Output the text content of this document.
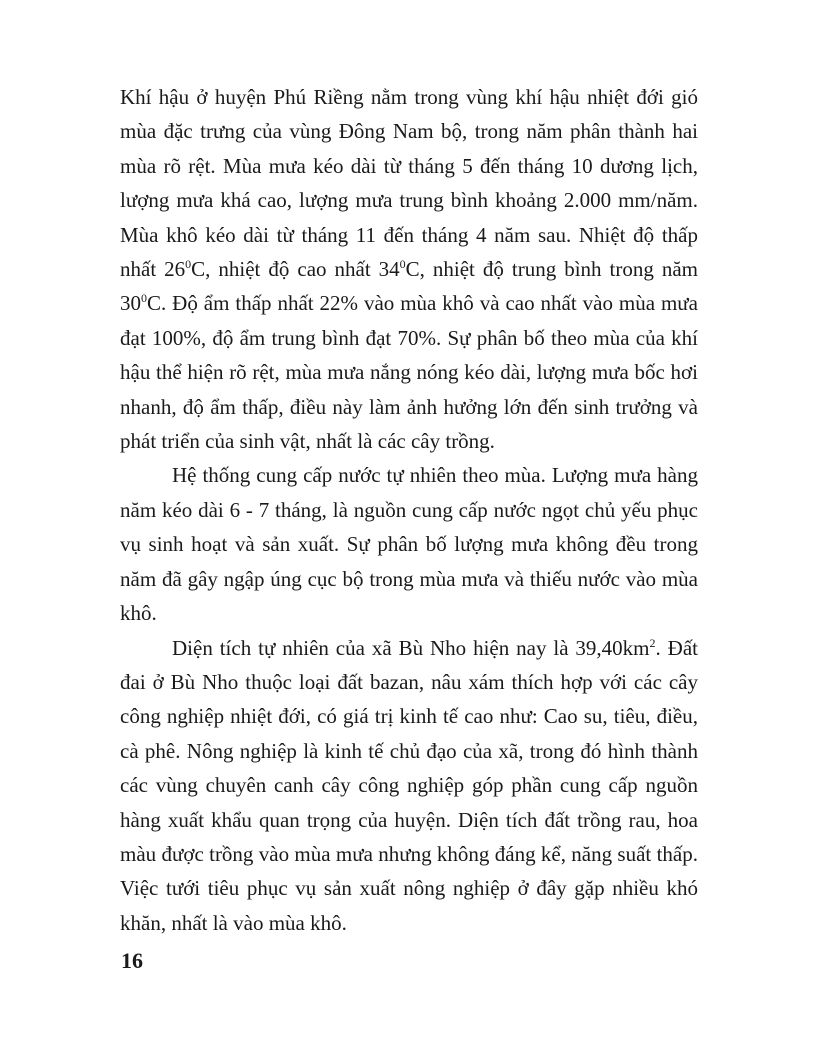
Khí hậu ở huyện Phú Riềng nằm trong vùng khí hậu nhiệt đới gió mùa đặc trưng của vùng Đông Nam bộ, trong năm phân thành hai mùa rõ rệt. Mùa mưa kéo dài từ tháng 5 đến tháng 10 dương lịch, lượng mưa khá cao, lượng mưa trung bình khoảng 2.000 mm/năm. Mùa khô kéo dài từ tháng 11 đến tháng 4 năm sau. Nhiệt độ thấp nhất $26^0C$, nhiệt độ cao nhất $34^0C$, nhiệt độ trung bình trong năm $30^0C$. Độ ẩm thấp nhất 22% vào mùa khô và cao nhất vào mùa mưa đạt 100%, độ ẩm trung bình đạt 70%. Sự phân bố theo mùa của khí hậu thể hiện rõ rệt, mùa mưa nắng nóng kéo dài, lượng mưa bốc hơi nhanh, độ ẩm thấp, điều này làm ảnh hưởng lớn đến sinh trưởng và phát triển của sinh vật, nhất là các cây trồng.

Hệ thống cung cấp nước tự nhiên theo mùa. Lượng mưa hàng năm kéo dài 6 - 7 tháng, là nguồn cung cấp nước ngọt chủ yếu phục vụ sinh hoạt và sản xuất. Sự phân bố lượng mưa không đều trong năm đã gây ngập úng cục bộ trong mùa mưa và thiếu nước vào mùa khô.

Diện tích tự nhiên của xã Bù Nho hiện nay là $39,40km^2$. Đất đai ở Bù Nho thuộc loại đất bazan, nâu xám thích hợp với các cây công nghiệp nhiệt đới, có giá trị kinh tế cao như: Cao su, tiêu, điều, cà phê. Nông nghiệp là kinh tế chủ đạo của xã, trong đó hình thành các vùng chuyên canh cây công nghiệp góp phần cung cấp nguồn hàng xuất khẩu quan trọng của huyện. Diện tích đất trồng rau, hoa màu được trồng vào mùa mưa nhưng không đáng kể, năng suất thấp. Việc tưới tiêu phục vụ sản xuất nông nghiệp ở đây gặp nhiều khó khăn, nhất là vào mùa khô.

16
